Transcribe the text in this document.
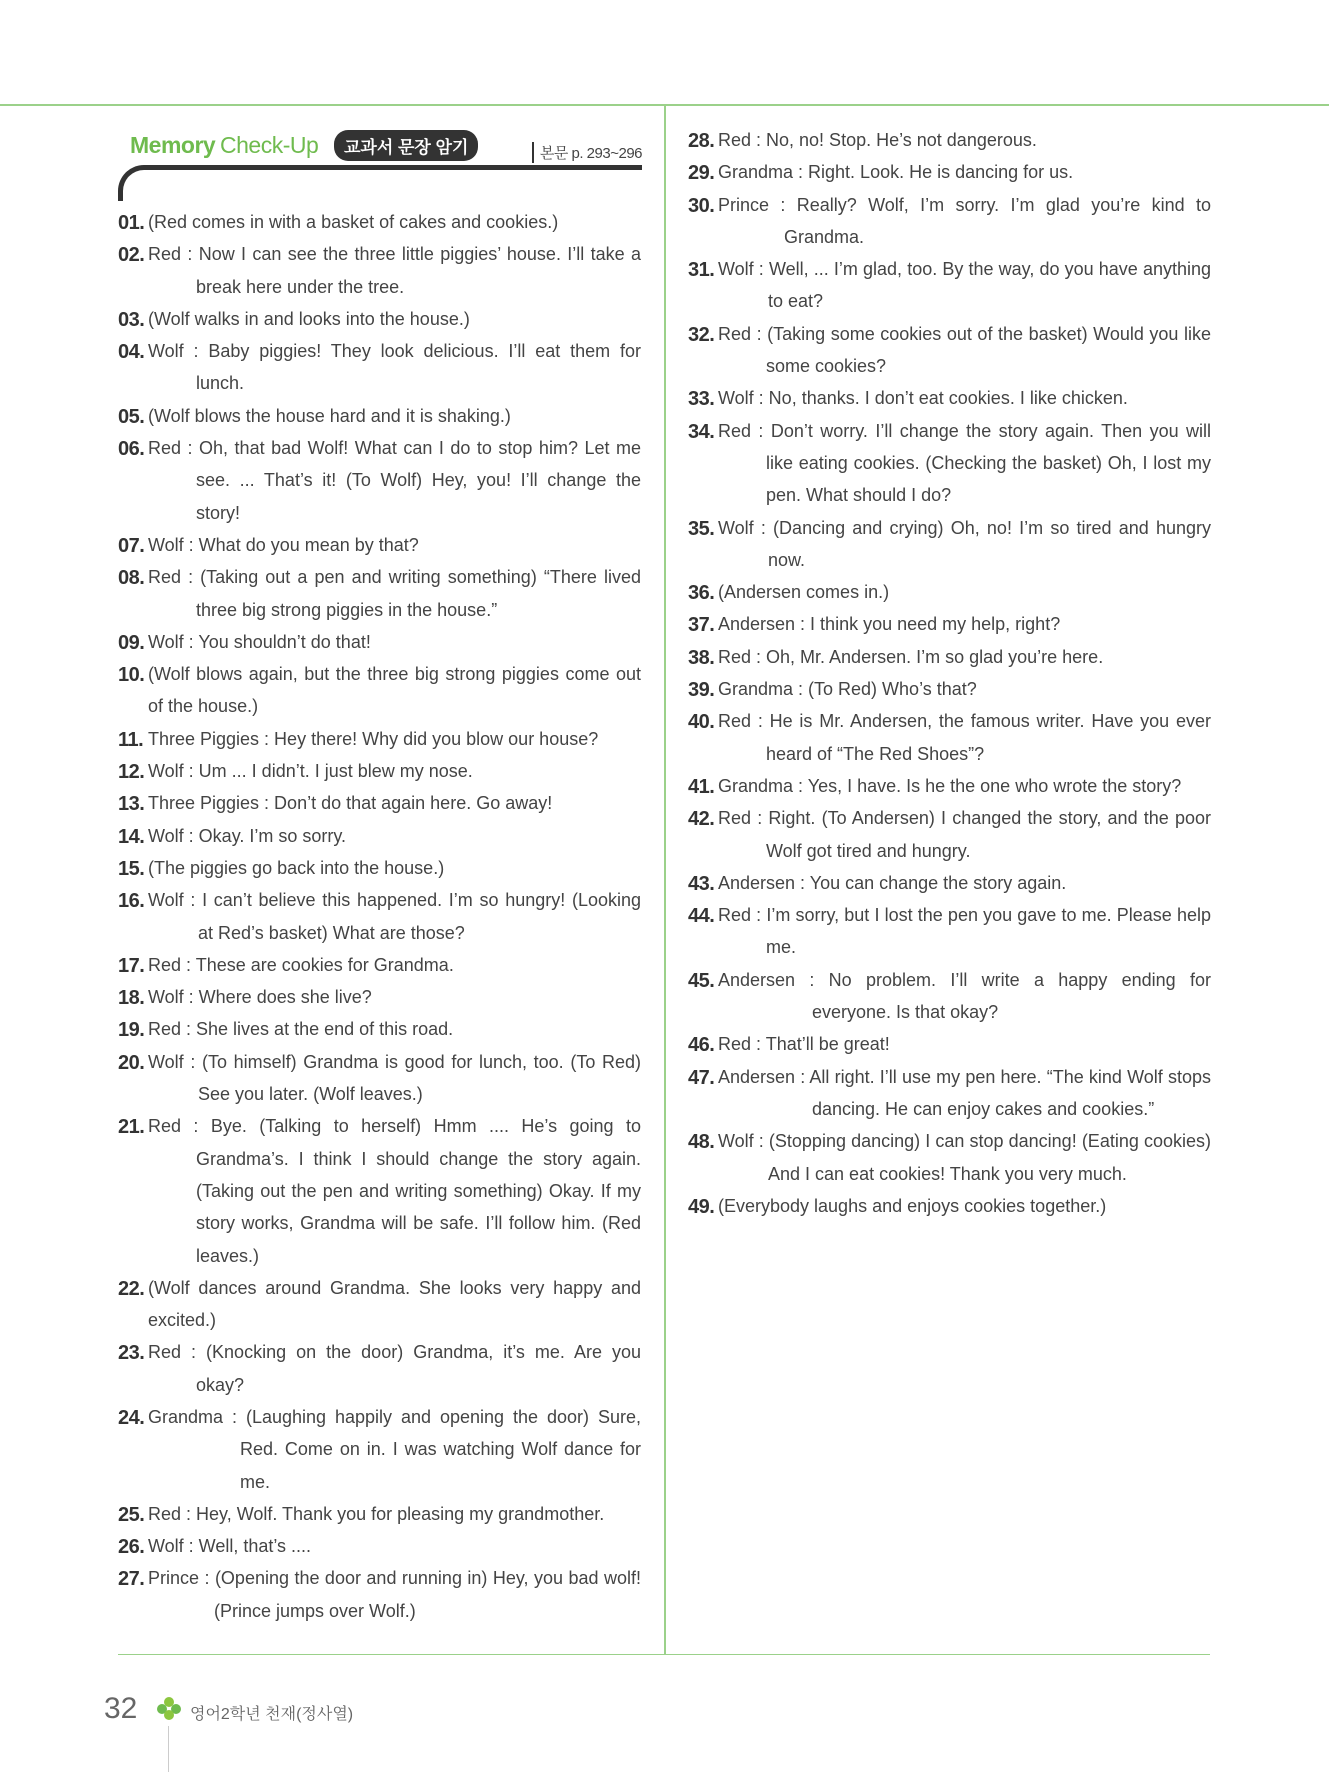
Memory Check-Up	교과서 문장 암기	본문 p. 293~296
01. (Red comes in with a basket of cakes and cookies.)
02. Red : Now I can see the three little piggies’ house. I’ll take a break here under the tree.
03. (Wolf walks in and looks into the house.)
04. Wolf : Baby piggies! They look delicious. I’ll eat them for lunch.
05. (Wolf blows the house hard and it is shaking.)
06. Red : Oh, that bad Wolf! What can I do to stop him? Let me see. ... That’s it! (To Wolf) Hey, you! I’ll change the story!
07. Wolf : What do you mean by that?
08. Red : (Taking out a pen and writing something) “There lived three big strong piggies in the house.”
09. Wolf : You shouldn’t do that!
10. (Wolf blows again, but the three big strong piggies come out of the house.)
11. Three Piggies : Hey there! Why did you blow our house?
12. Wolf : Um ... I didn’t. I just blew my nose.
13. Three Piggies : Don’t do that again here. Go away!
14. Wolf : Okay. I’m so sorry.
15. (The piggies go back into the house.)
16. Wolf : I can’t believe this happened. I’m so hungry! (Looking at Red’s basket) What are those?
17. Red : These are cookies for Grandma.
18. Wolf : Where does she live?
19. Red : She lives at the end of this road.
20. Wolf : (To himself) Grandma is good for lunch, too. (To Red) See you later. (Wolf leaves.)
21. Red : Bye. (Talking to herself) Hmm .... He’s going to Grandma’s. I think I should change the story again. (Taking out the pen and writing something) Okay. If my story works, Grandma will be safe. I’ll follow him. (Red leaves.)
22. (Wolf dances around Grandma. She looks very happy and excited.)
23. Red : (Knocking on the door) Grandma, it’s me. Are you okay?
24. Grandma : (Laughing happily and opening the door) Sure, Red. Come on in. I was watching Wolf dance for me.
25. Red : Hey, Wolf. Thank you for pleasing my grandmother.
26. Wolf : Well, that’s ....
27. Prince : (Opening the door and running in) Hey, you bad wolf! (Prince jumps over Wolf.)
28. Red : No, no! Stop. He’s not dangerous.
29. Grandma : Right. Look. He is dancing for us.
30. Prince : Really? Wolf, I’m sorry. I’m glad you’re kind to Grandma.
31. Wolf : Well, ... I’m glad, too. By the way, do you have anything to eat?
32. Red : (Taking some cookies out of the basket) Would you like some cookies?
33. Wolf : No, thanks. I don’t eat cookies. I like chicken.
34. Red : Don’t worry. I’ll change the story again. Then you will like eating cookies. (Checking the basket) Oh, I lost my pen. What should I do?
35. Wolf : (Dancing and crying) Oh, no! I’m so tired and hungry now.
36. (Andersen comes in.)
37. Andersen : I think you need my help, right?
38. Red : Oh, Mr. Andersen. I’m so glad you’re here.
39. Grandma : (To Red) Who’s that?
40. Red : He is Mr. Andersen, the famous writer. Have you ever heard of “The Red Shoes”?
41. Grandma : Yes, I have. Is he the one who wrote the story?
42. Red : Right. (To Andersen) I changed the story, and the poor Wolf got tired and hungry.
43. Andersen : You can change the story again.
44. Red : I’m sorry, but I lost the pen you gave to me. Please help me.
45. Andersen : No problem. I’ll write a happy ending for everyone. Is that okay?
46. Red : That’ll be great!
47. Andersen : All right. I’ll use my pen here. “The kind Wolf stops dancing. He can enjoy cakes and cookies.”
48. Wolf : (Stopping dancing) I can stop dancing! (Eating cookies) And I can eat cookies! Thank you very much.
49. (Everybody laughs and enjoys cookies together.)
32	영어2학년 천재(정사열)
